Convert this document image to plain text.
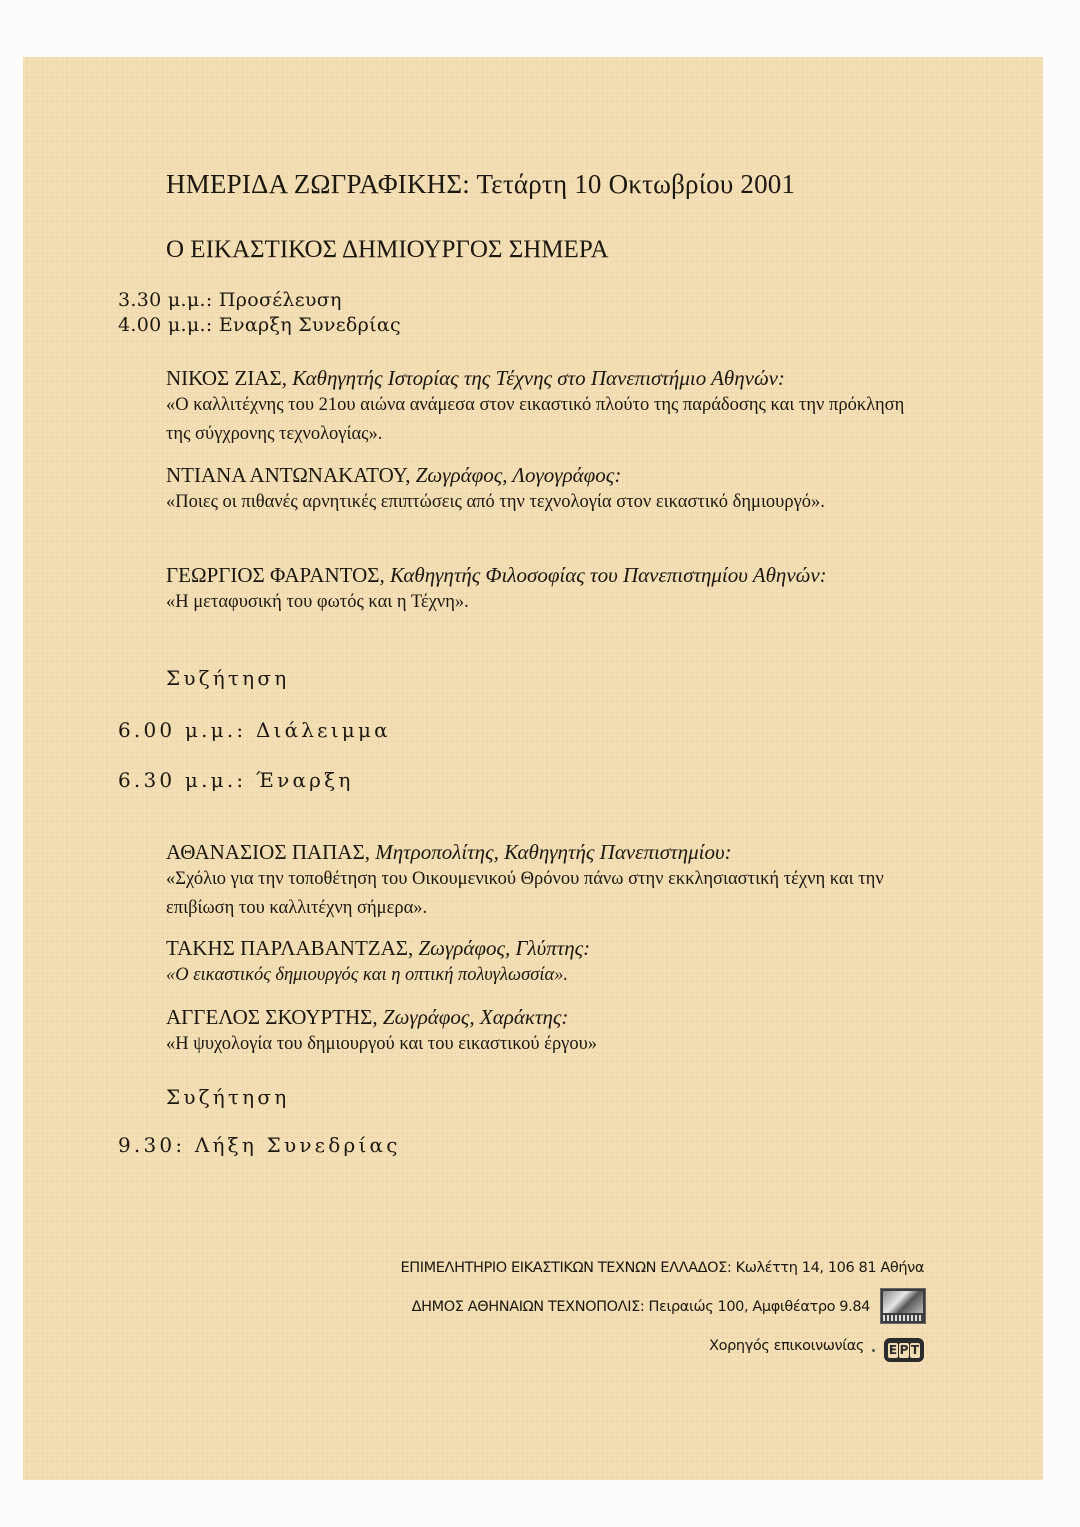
ΗΜΕΡΙΔΑ ΖΩΓΡΑΦΙΚΗΣ: Τετάρτη 10 Οκτωβρίου 2001
Ο ΕΙΚΑΣΤΙΚΟΣ ΔΗΜΙΟΥΡΓΟΣ ΣΗΜΕΡΑ
3.30 μ.μ.: Προσέλευση
4.00 μ.μ.: Εναρξη Συνεδρίας
ΝΙΚΟΣ ΖΙΑΣ, Καθηγητής Ιστορίας της Τέχνης στο Πανεπιστήμιο Αθηνών:
«Ο καλλιτέχνης του 21ου αιώνα ανάμεσα στον εικαστικό πλούτο της παράδοσης και την πρόκληση της σύγχρονης τεχνολογίας».
ΝΤΙΑΝΑ ΑΝΤΩΝΑΚΑΤΟΥ, Ζωγράφος, Λογογράφος:
«Ποιες οι πιθανές αρνητικές επιπτώσεις από την τεχνολογία στον εικαστικό δημιουργό».
ΓΕΩΡΓΙΟΣ ΦΑΡΑΝΤΟΣ, Καθηγητής Φιλοσοφίας του Πανεπιστημίου Αθηνών:
«Η μεταφυσική του φωτός και η Τέχνη».
Συζήτηση
6.00 μ.μ.: Διάλειμμα
6.30 μ.μ.: Έναρξη
ΑΘΑΝΑΣΙΟΣ ΠΑΠΑΣ, Μητροπολίτης, Καθηγητής Πανεπιστημίου:
«Σχόλιο για την τοποθέτηση του Οικουμενικού Θρόνου πάνω στην εκκλησιαστική τέχνη και την επιβίωση του καλλιτέχνη σήμερα».
ΤΑΚΗΣ ΠΑΡΛΑΒΑΝΤΖΑΣ, Ζωγράφος, Γλύπτης:
«Ο εικαστικός δημιουργός και η οπτική πολυγλωσσία».
ΑΓΓΕΛΟΣ ΣΚΟΥΡΤΗΣ, Ζωγράφος, Χαράκτης:
«Η ψυχολογία του δημιουργού και του εικαστικού έργου»
Συζήτηση
9.30: Λήξη Συνεδρίας
ΕΠΙΜΕΛΗΤΗΡΙΟ ΕΙΚΑΣΤΙΚΩΝ ΤΕΧΝΩΝ ΕΛΛΑΔΟΣ: Κωλέττη 14, 106 81 Αθήνα
ΔΗΜΟΣ ΑΘΗΝΑΙΩΝ ΤΕΧΝΟΠΟΛΙΣ: Πειραιώς 100, Αμφιθέατρο 9.84
Χορηγός επικοινωνίας Ε Ρ Τ
